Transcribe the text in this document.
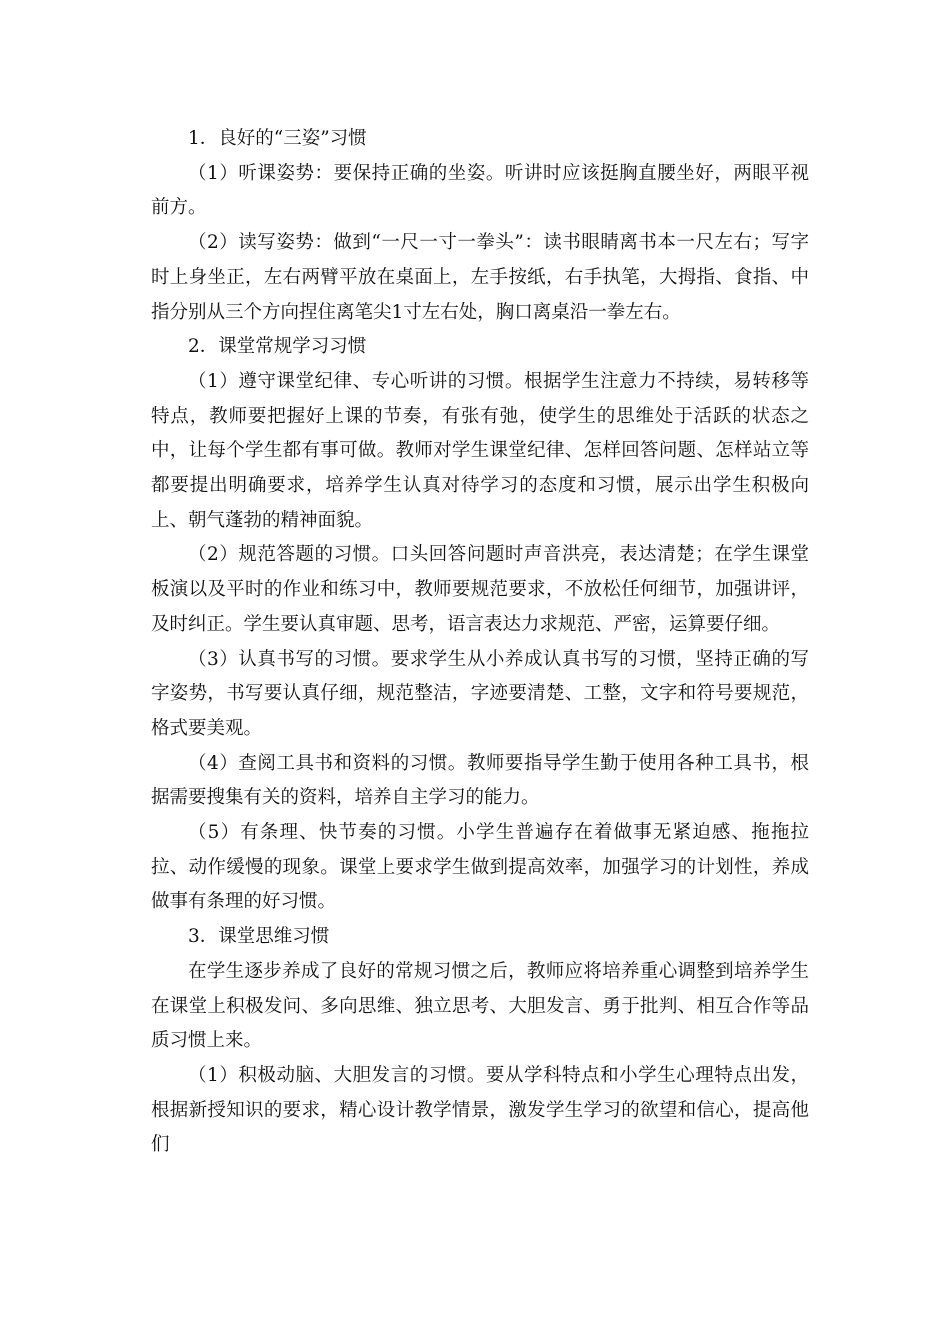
1．良好的“三姿”习惯

（1）听课姿势：要保持正确的坐姿。听讲时应该挺胸直腰坐好，两眼平视前方。

（2）读写姿势：做到“一尺一寸一拳头”：读书眼睛离书本一尺左右；写字时上身坐正，左右两臂平放在桌面上，左手按纸，右手执笔，大拇指、食指、中指分别从三个方向捏住离笔尖1寸左右处，胸口离桌沿一拳左右。

2．课堂常规学习习惯

（1）遵守课堂纪律、专心听讲的习惯。根据学生注意力不持续，易转移等特点，教师要把握好上课的节奏，有张有弛，使学生的思维处于活跃的状态之中，让每个学生都有事可做。教师对学生课堂纪律、怎样回答问题、怎样站立等都要提出明确要求，培养学生认真对待学习的态度和习惯，展示出学生积极向上、朝气蓬勃的精神面貌。

（2）规范答题的习惯。口头回答问题时声音洪亮，表达清楚；在学生课堂板演以及平时的作业和练习中，教师要规范要求，不放松任何细节，加强讲评，及时纠正。学生要认真审题、思考，语言表达力求规范、严密，运算要仔细。

（3）认真书写的习惯。要求学生从小养成认真书写的习惯，坚持正确的写字姿势，书写要认真仔细，规范整洁，字迹要清楚、工整，文字和符号要规范，格式要美观。

（4）查阅工具书和资料的习惯。教师要指导学生勤于使用各种工具书，根据需要搜集有关的资料，培养自主学习的能力。

（5）有条理、快节奏的习惯。小学生普遍存在着做事无紧迫感、拖拖拉拉、动作缓慢的现象。课堂上要求学生做到提高效率，加强学习的计划性，养成做事有条理的好习惯。

3．课堂思维习惯

在学生逐步养成了良好的常规习惯之后，教师应将培养重心调整到培养学生在课堂上积极发问、多向思维、独立思考、大胆发言、勇于批判、相互合作等品质习惯上来。

（1）积极动脑、大胆发言的习惯。要从学科特点和小学生心理特点出发，根据新授知识的要求，精心设计教学情景，激发学生学习的欲望和信心，提高他们
